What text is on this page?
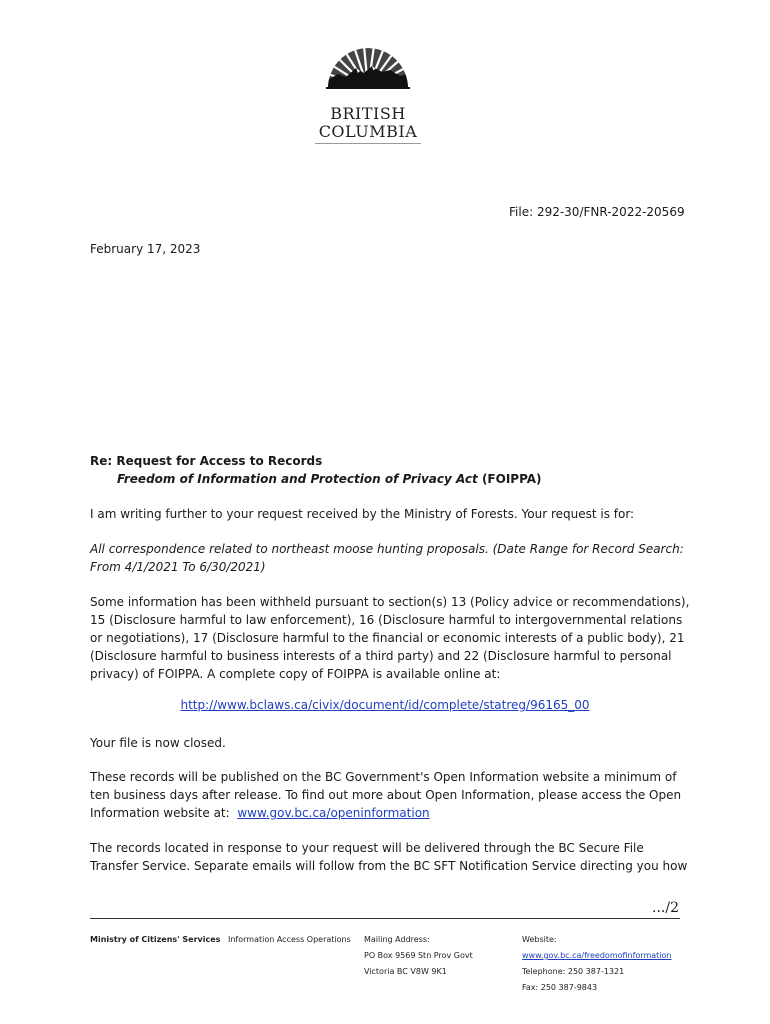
BRITISH
COLUMBIA
File: 292-30/FNR-2022-20569
February 17, 2023
Re: Request for Access to Records
Freedom of Information and Protection of Privacy Act (FOIPPA)

I am writing further to your request received by the Ministry of Forests. Your request is for:

All correspondence related to northeast moose hunting proposals. (Date Range for Record Search: From 4/1/2021 To 6/30/2021)

Some information has been withheld pursuant to section(s) 13 (Policy advice or recommendations), 15 (Disclosure harmful to law enforcement), 16 (Disclosure harmful to intergovernmental relations or negotiations), 17 (Disclosure harmful to the financial or economic interests of a public body), 21 (Disclosure harmful to business interests of a third party) and 22 (Disclosure harmful to personal privacy) of FOIPPA. A complete copy of FOIPPA is available online at:

http://www.bclaws.ca/civix/document/id/complete/statreg/96165_00

Your file is now closed.

These records will be published on the BC Government's Open Information website a minimum of ten business days after release. To find out more about Open Information, please access the Open Information website at: www.gov.bc.ca/openinformation

The records located in response to your request will be delivered through the BC Secure File Transfer Service. Separate emails will follow from the BC SFT Notification Service directing you how

.../2
Ministry of Citizens' Services Information Access Operations Mailing Address:
PO Box 9569 Stn Prov Govt
Victoria BC V8W 9K1
Website:
www.gov.bc.ca/freedomofinformation
Telephone: 250 387-1321
Fax: 250 387-9843
